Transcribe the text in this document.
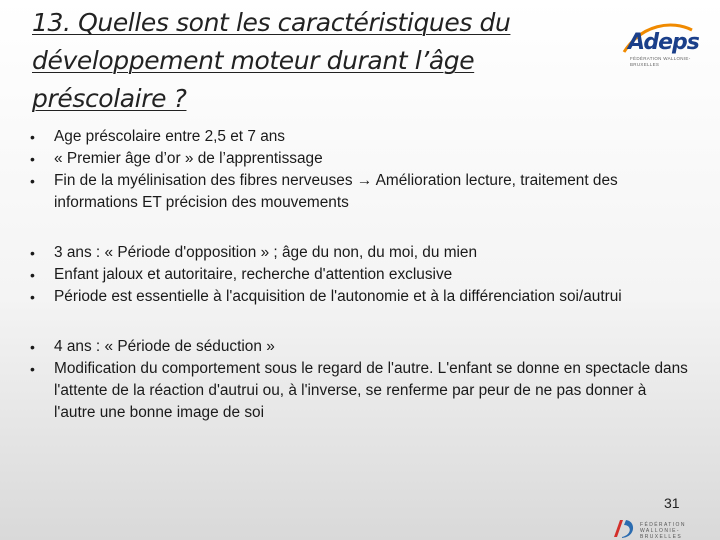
13. Quelles sont les caractéristiques du développement moteur durant l’âge préscolaire ?
Adeps
FÉDÉRATION WALLONIE-BRUXELLES
• Age préscolaire entre 2,5 et 7 ans
• « Premier âge d’or » de l’apprentissage
• Fin de la myélinisation des fibres nerveuses → Amélioration lecture, traitement des informations ET précision des mouvements
• 3 ans : « Période d'opposition » ; âge du non, du moi, du mien
• Enfant jaloux et autoritaire, recherche d'attention exclusive
• Période est essentielle à l'acquisition de l'autonomie et à la différenciation soi/autrui
• 4 ans : « Période de séduction »
• Modification du comportement sous le regard de l'autre. L'enfant se donne en spectacle dans l'attente de la réaction d'autrui ou, à l'inverse, se renferme par peur de ne pas donner à l'autre une bonne image de soi
31
FÉDÉRATION WALLONIE-BRUXELLES
